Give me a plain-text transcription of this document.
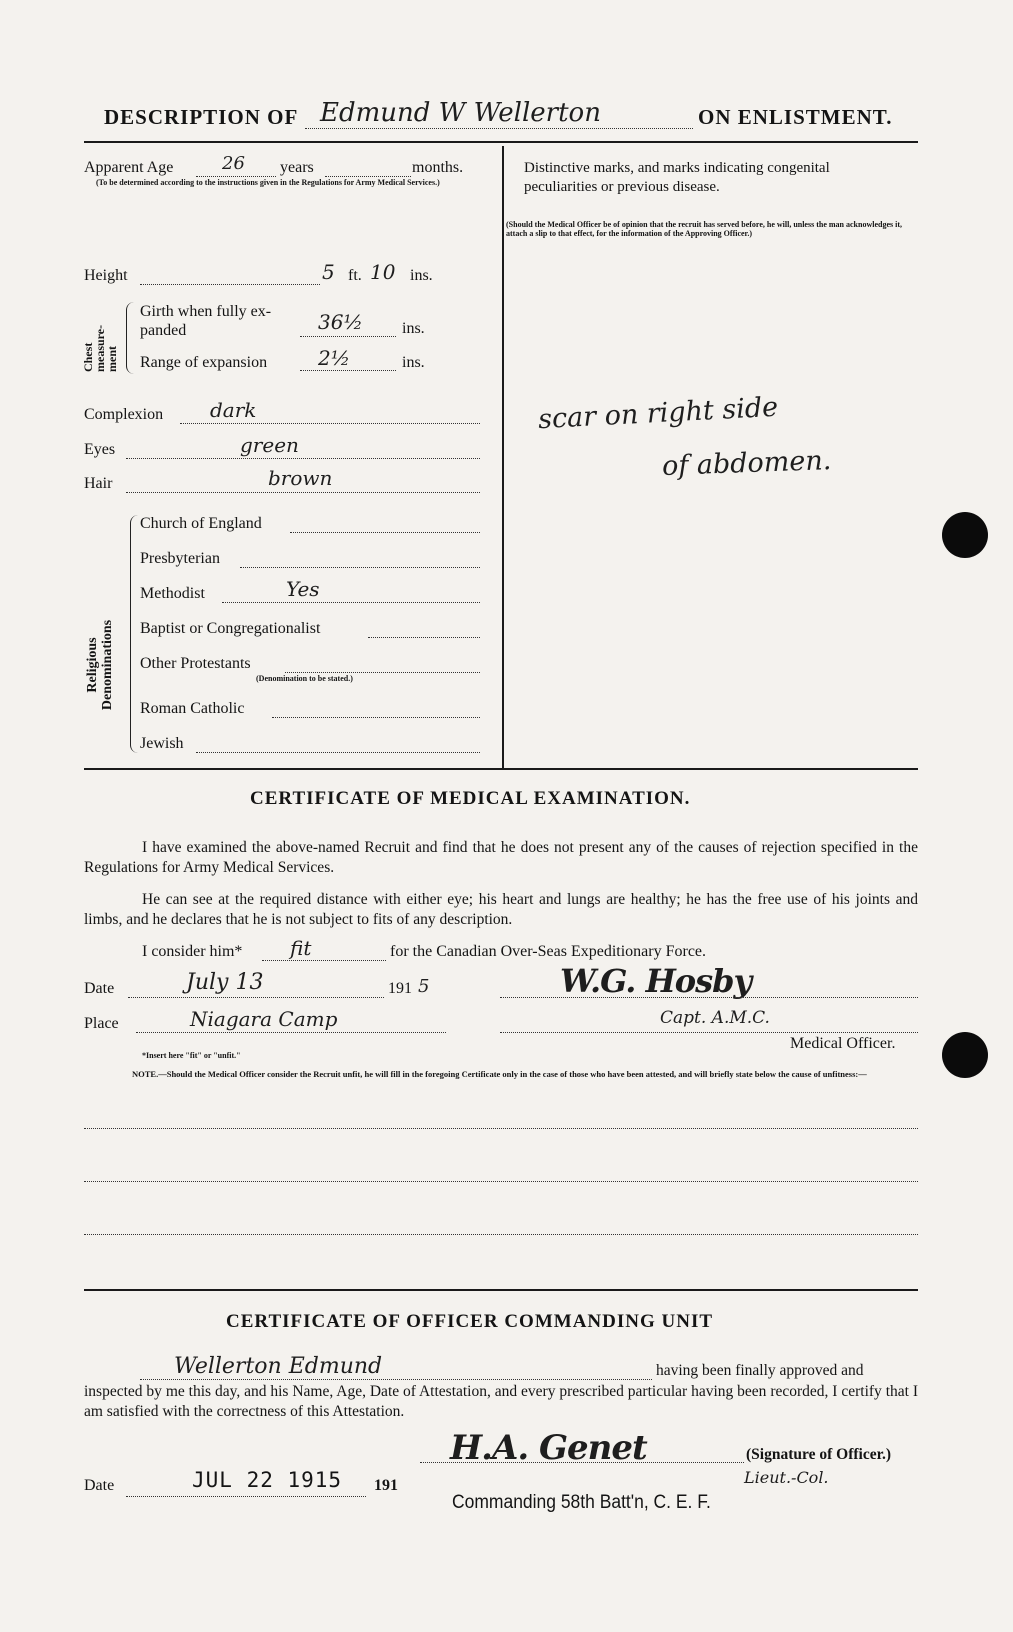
DESCRIPTION OF Edmund W Wellerton	ON ENLISTMENT.
Apparent Age	26 years	months.
(To be determined according to the instructions given in the Regulations for Army Medical Services.)
Height	5 ft. 10 ins.
Chest measure-ment
Girth when fully ex- panded	36½ ins.
Range of expansion	2½	ins.
Complexion dark
Eyes	green
Hair	brown
Religious Denominations
Church of England
Presbyterian
Methodist	Yes
Baptist or Congregationalist
Other Protestants
(Denomination to be stated.)
Roman Catholic
Jewish
Distinctive marks, and marks indicating congenital peculiarities or previous disease.
(Should the Medical Officer be of opinion that the recruit has served before, he will, unless the man acknowledges it, attach a slip to that effect, for the information of the Approving Officer.)
scar on right side
of abdomen.
CERTIFICATE OF MEDICAL EXAMINATION.
I have examined the above-named Recruit and find that he does not present any of the causes of rejection specified in the Regulations for Army Medical Services.
He can see at the required distance with either eye; his heart and lungs are healthy; he has the free use of his joints and limbs, and he declares that he is not subject to fits of any description.
I consider him* fit	for the Canadian Over-Seas Expeditionary Force.
Date	July 13	191 5	W.G. Hosby
Place	Niagara Camp	Capt. A.M.C.
Medical Officer.
*Insert here "fit" or "unfit."
NOTE.—Should the Medical Officer consider the Recruit unfit, he will fill in the foregoing Certificate only in the case of those who have been attested, and will briefly state below the cause of unfitness:—
CERTIFICATE OF OFFICER COMMANDING UNIT
Wellerton Edmund	having been finally approved and
inspected by me this day, and his Name, Age, Date of Attestation, and every prescribed particular having been recorded, I certify that I am satisfied with the correctness of this Attestation.
H.A. Genet	(Signature of Officer.)
Lieut.-Col.
Date	JUL 22 1915 191
Commanding 58th Batt'n, C. E. F.
